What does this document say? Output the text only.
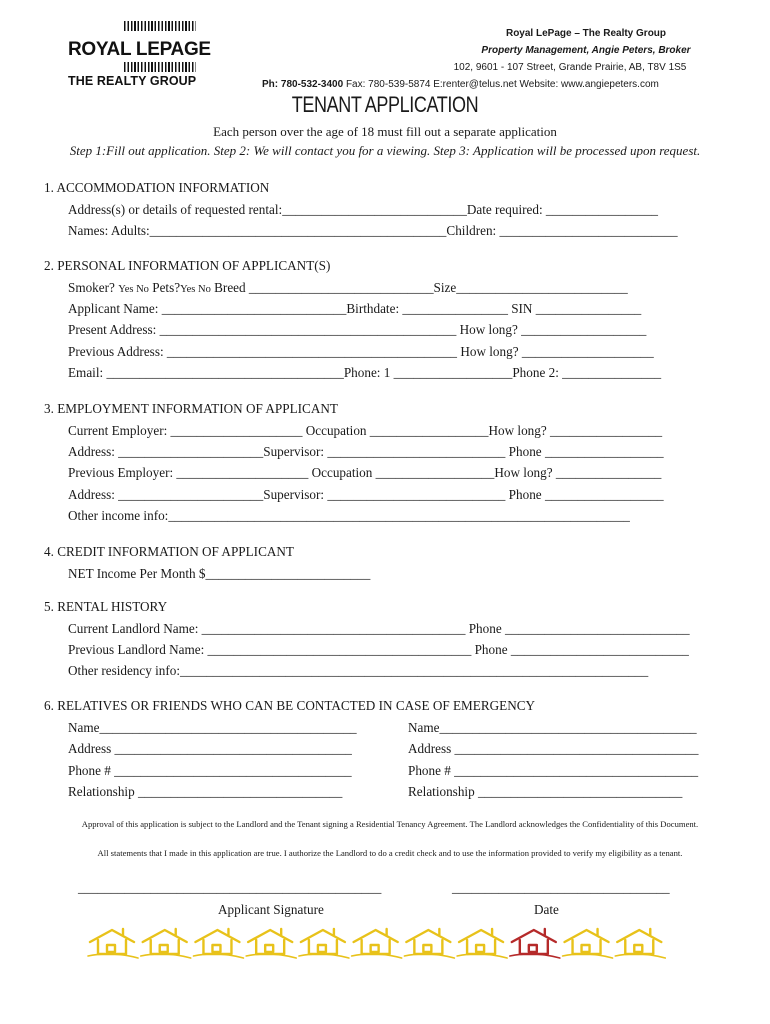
ROYAL LEPAGE
THE REALTY GROUP
Royal LePage – The Realty Group
Property Management, Angie Peters, Broker
102, 9601 - 107 Street, Grande Prairie, AB, T8V 1S5
Ph: 780-532-3400 Fax: 780-539-5874 E:renter@telus.net Website: www.angiepeters.com
TENANT APPLICATION
Each person over the age of 18 must fill out a separate application
Step 1:Fill out application. Step 2: We will contact you for a viewing. Step 3: Application will be processed upon request.
1. ACCOMMODATION INFORMATION
Address(s) or details of requested rental:____________________________Date required: _________________
Names: Adults:_____________________________________________Children: ___________________________
2. PERSONAL INFORMATION OF APPLICANT(S)
Smoker? Yes No Pets?Yes No Breed ____________________________Size__________________________
Applicant Name: ____________________________Birthdate: ________________ SIN ________________
Present Address: _____________________________________________ How long? ___________________
Previous Address: ____________________________________________ How long? ____________________
Email: ____________________________________Phone: 1 __________________Phone 2: _______________
3. EMPLOYMENT INFORMATION OF APPLICANT
Current Employer: ____________________ Occupation __________________How long? _________________
Address: ______________________Supervisor: ___________________________ Phone __________________
Previous Employer: ____________________ Occupation __________________How long? ________________
Address: ______________________Supervisor: ___________________________ Phone __________________
Other income info:______________________________________________________________________
4. CREDIT INFORMATION OF APPLICANT
NET Income Per Month $_________________________
5. RENTAL HISTORY
Current Landlord Name: ________________________________________ Phone ____________________________
Previous Landlord Name: ________________________________________ Phone ___________________________
Other residency info:_______________________________________________________________________
6. RELATIVES OR FRIENDS WHO CAN BE CONTACTED IN CASE OF EMERGENCY
Name_______________________________________
Address ____________________________________
Phone # ____________________________________
Relationship _______________________________
Name_______________________________________
Address _____________________________________
Phone # _____________________________________
Relationship _______________________________
Approval of this application is subject to the Landlord and the Tenant signing a Residential Tenancy Agreement. The Landlord acknowledges the Confidentiality of this Document.
All statements that I made in this application are true. I authorize the Landlord to do a credit check and to use the information provided to verify my eligibility as a tenant.
______________________________________________	_________________________________
Applicant Signature	Date
